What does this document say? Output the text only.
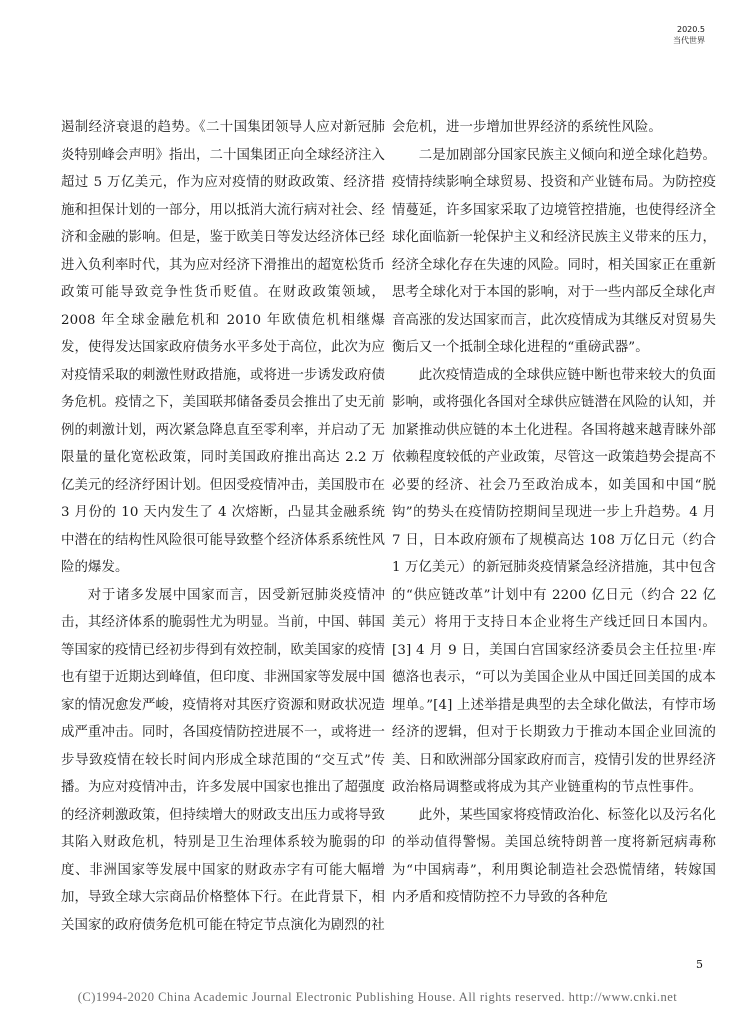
2020.5
当代世界

遏制经济衰退的趋势。《二十国集团领导人应对新冠肺炎特别峰会声明》指出，二十国集团正向全球经济注入超过 5 万亿美元，作为应对疫情的财政政策、经济措施和担保计划的一部分，用以抵消大流行病对社会、经济和金融的影响。但是，鉴于欧美日等发达经济体已经进入负利率时代，其为应对经济下滑推出的超宽松货币政策可能导致竞争性货币贬值。在财政政策领域，2008 年全球金融危机和 2010 年欧债危机相继爆发，使得发达国家政府债务水平多处于高位，此次为应对疫情采取的刺激性财政措施，或将进一步诱发政府债务危机。疫情之下，美国联邦储备委员会推出了史无前例的刺激计划，两次紧急降息直至零利率，并启动了无限量的量化宽松政策，同时美国政府推出高达 2.2 万亿美元的经济纾困计划。但因受疫情冲击，美国股市在 3 月份的 10 天内发生了 4 次熔断，凸显其金融系统中潜在的结构性风险很可能导致整个经济体系系统性风险的爆发。

对于诸多发展中国家而言，因受新冠肺炎疫情冲击，其经济体系的脆弱性尤为明显。当前，中国、韩国等国家的疫情已经初步得到有效控制，欧美国家的疫情也有望于近期达到峰值，但印度、非洲国家等发展中国家的情况愈发严峻，疫情将对其医疗资源和财政状况造成严重冲击。同时，各国疫情防控进展不一，或将进一步导致疫情在较长时间内形成全球范围的“交互式”传播。为应对疫情冲击，许多发展中国家也推出了超强度的经济刺激政策，但持续增大的财政支出压力或将导致其陷入财政危机，特别是卫生治理体系较为脆弱的印度、非洲国家等发展中国家的财政赤字有可能大幅增加，导致全球大宗商品价格整体下行。在此背景下，相关国家的政府债务危机可能在特定节点演化为剧烈的社

会危机，进一步增加世界经济的系统性风险。

二是加剧部分国家民族主义倾向和逆全球化趋势。疫情持续影响全球贸易、投资和产业链布局。为防控疫情蔓延，许多国家采取了边境管控措施，也使得经济全球化面临新一轮保护主义和经济民族主义带来的压力，经济全球化存在失速的风险。同时，相关国家正在重新思考全球化对于本国的影响，对于一些内部反全球化声音高涨的发达国家而言，此次疫情成为其继反对贸易失衡后又一个抵制全球化进程的“重磅武器”。

此次疫情造成的全球供应链中断也带来较大的负面影响，或将强化各国对全球供应链潜在风险的认知，并加紧推动供应链的本土化进程。各国将越来越青睐外部依赖程度较低的产业政策，尽管这一政策趋势会提高不必要的经济、社会乃至政治成本，如美国和中国“脱钩”的势头在疫情防控期间呈现进一步上升趋势。4 月 7 日，日本政府颁布了规模高达 108 万亿日元（约合 1 万亿美元）的新冠肺炎疫情紧急经济措施，其中包含的“供应链改革”计划中有 2200 亿日元（约合 22 亿美元）将用于支持日本企业将生产线迁回日本国内。[3] 4 月 9 日，美国白宫国家经济委员会主任拉里·库德洛也表示，“可以为美国企业从中国迁回美国的成本埋单。”[4] 上述举措是典型的去全球化做法，有悖市场经济的逻辑，但对于长期致力于推动本国企业回流的美、日和欧洲部分国家政府而言，疫情引发的世界经济政治格局调整或将成为其产业链重构的节点性事件。

此外，某些国家将疫情政治化、标签化以及污名化的举动值得警惕。美国总统特朗普一度将新冠病毒称为“中国病毒”，利用舆论制造社会恐慌情绪，转嫁国内矛盾和疫情防控不力导致的各种危

5
(C)1994-2020 China Academic Journal Electronic Publishing House. All rights reserved. http://www.cnki.net
